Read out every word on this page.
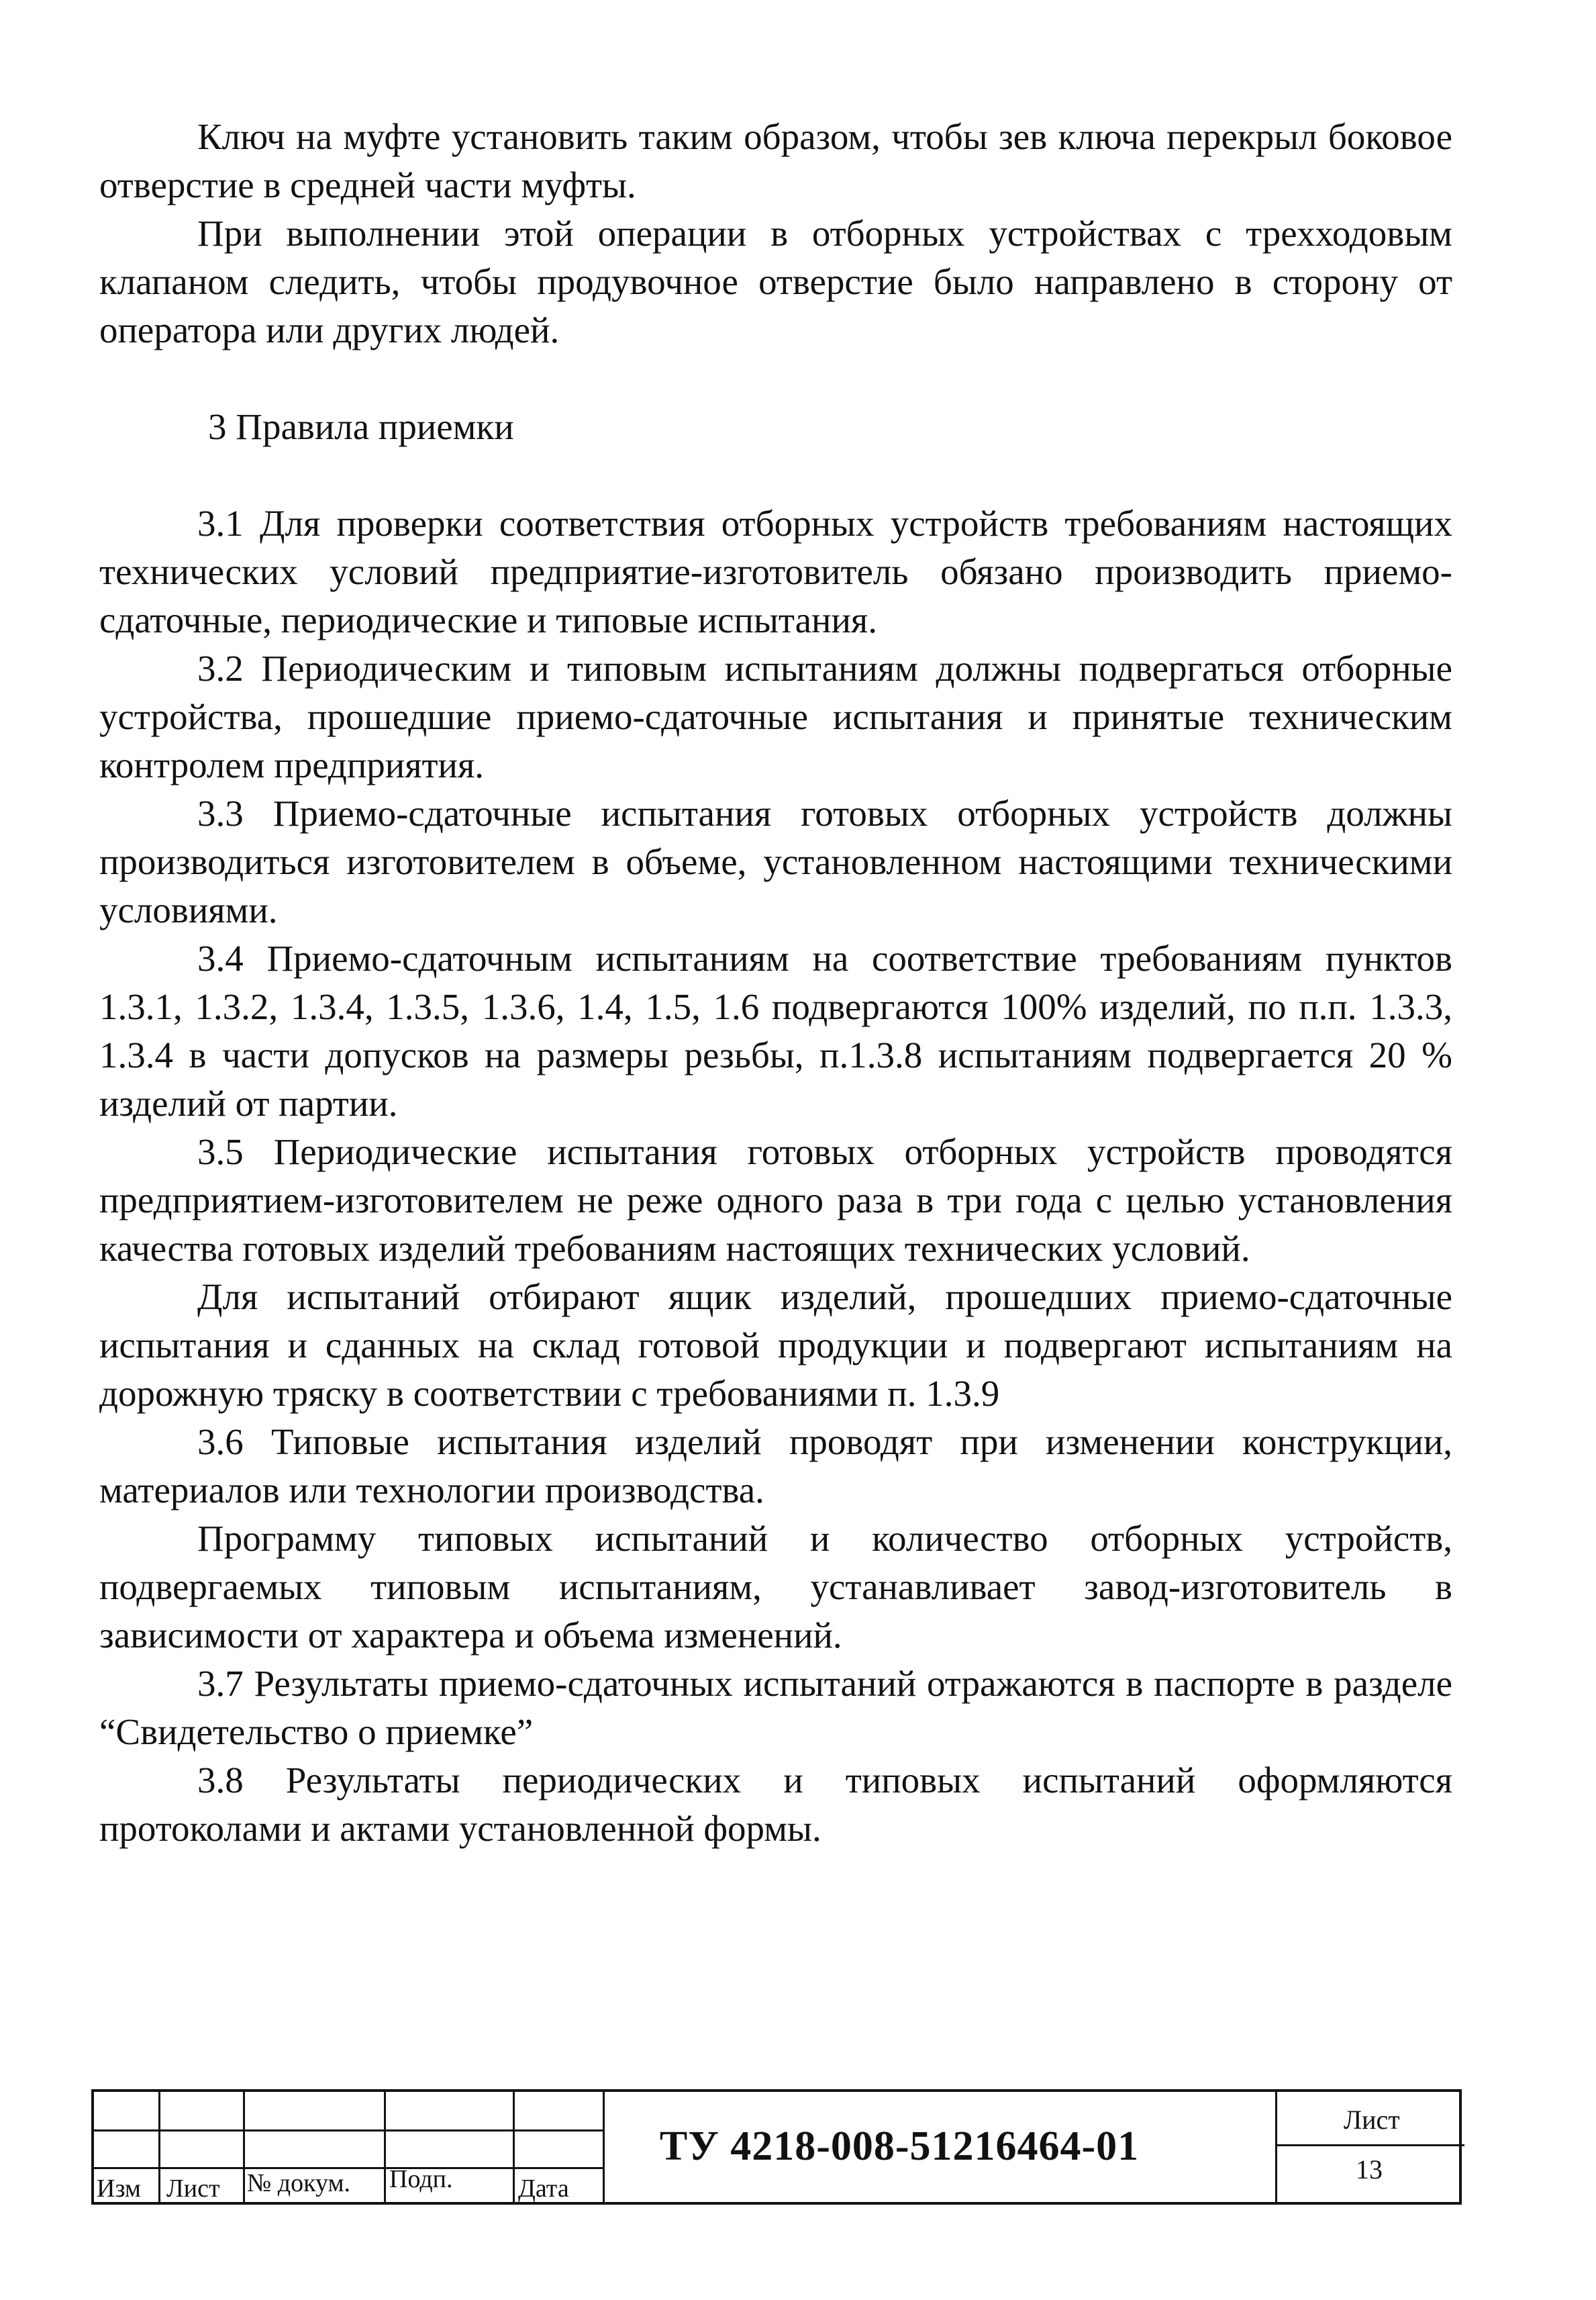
Ключ на муфте установить таким образом, чтобы зев ключа перекрыл боковое отверстие в средней части муфты.

При выполнении этой операции в отборных устройствах с трехходовым клапаном следить, чтобы продувочное отверстие было направлено в сторону от оператора или других людей.

3 Правила приемки

3.1 Для проверки соответствия отборных устройств требованиям настоящих технических условий предприятие-изготовитель обязано производить приемо-сдаточные, периодические и типовые испытания.

3.2 Периодическим и типовым испытаниям должны подвергаться отборные устройства, прошедшие приемо-сдаточные испытания и принятые техническим контролем предприятия.

3.3 Приемо-сдаточные испытания готовых отборных устройств должны производиться изготовителем в объеме, установленном настоящими техническими условиями.

3.4 Приемо-сдаточным испытаниям на соответствие требованиям пунктов 1.3.1, 1.3.2, 1.3.4, 1.3.5, 1.3.6, 1.4, 1.5, 1.6 подвергаются 100% изделий, по п.п. 1.3.3, 1.3.4 в части допусков на размеры резьбы, п.1.3.8 испытаниям подвергается 20 % изделий от партии.

3.5 Периодические испытания готовых отборных устройств проводятся предприятием-изготовителем не реже одного раза в три года с целью установления качества готовых изделий требованиям настоящих технических условий.

Для испытаний отбирают ящик изделий, прошедших приемо-сдаточные испытания и сданных на склад готовой продукции и подвергают испытаниям на дорожную тряску в соответствии с требованиями п. 1.3.9

3.6 Типовые испытания изделий проводят при изменении конструкции, материалов или технологии производства.

Программу типовых испытаний и количество отборных устройств, подвергаемых типовым испытаниям, устанавливает завод-изготовитель в зависимости от характера и объема изменений.

3.7 Результаты приемо-сдаточных испытаний отражаются в паспорте в разделе “Свидетельство о приемке”

3.8 Результаты периодических и типовых испытаний оформляются протоколами и актами установленной формы.

Изм Лист № докум. Подп.	Дата
ТУ 4218-008-51216464-01
Лист
13
